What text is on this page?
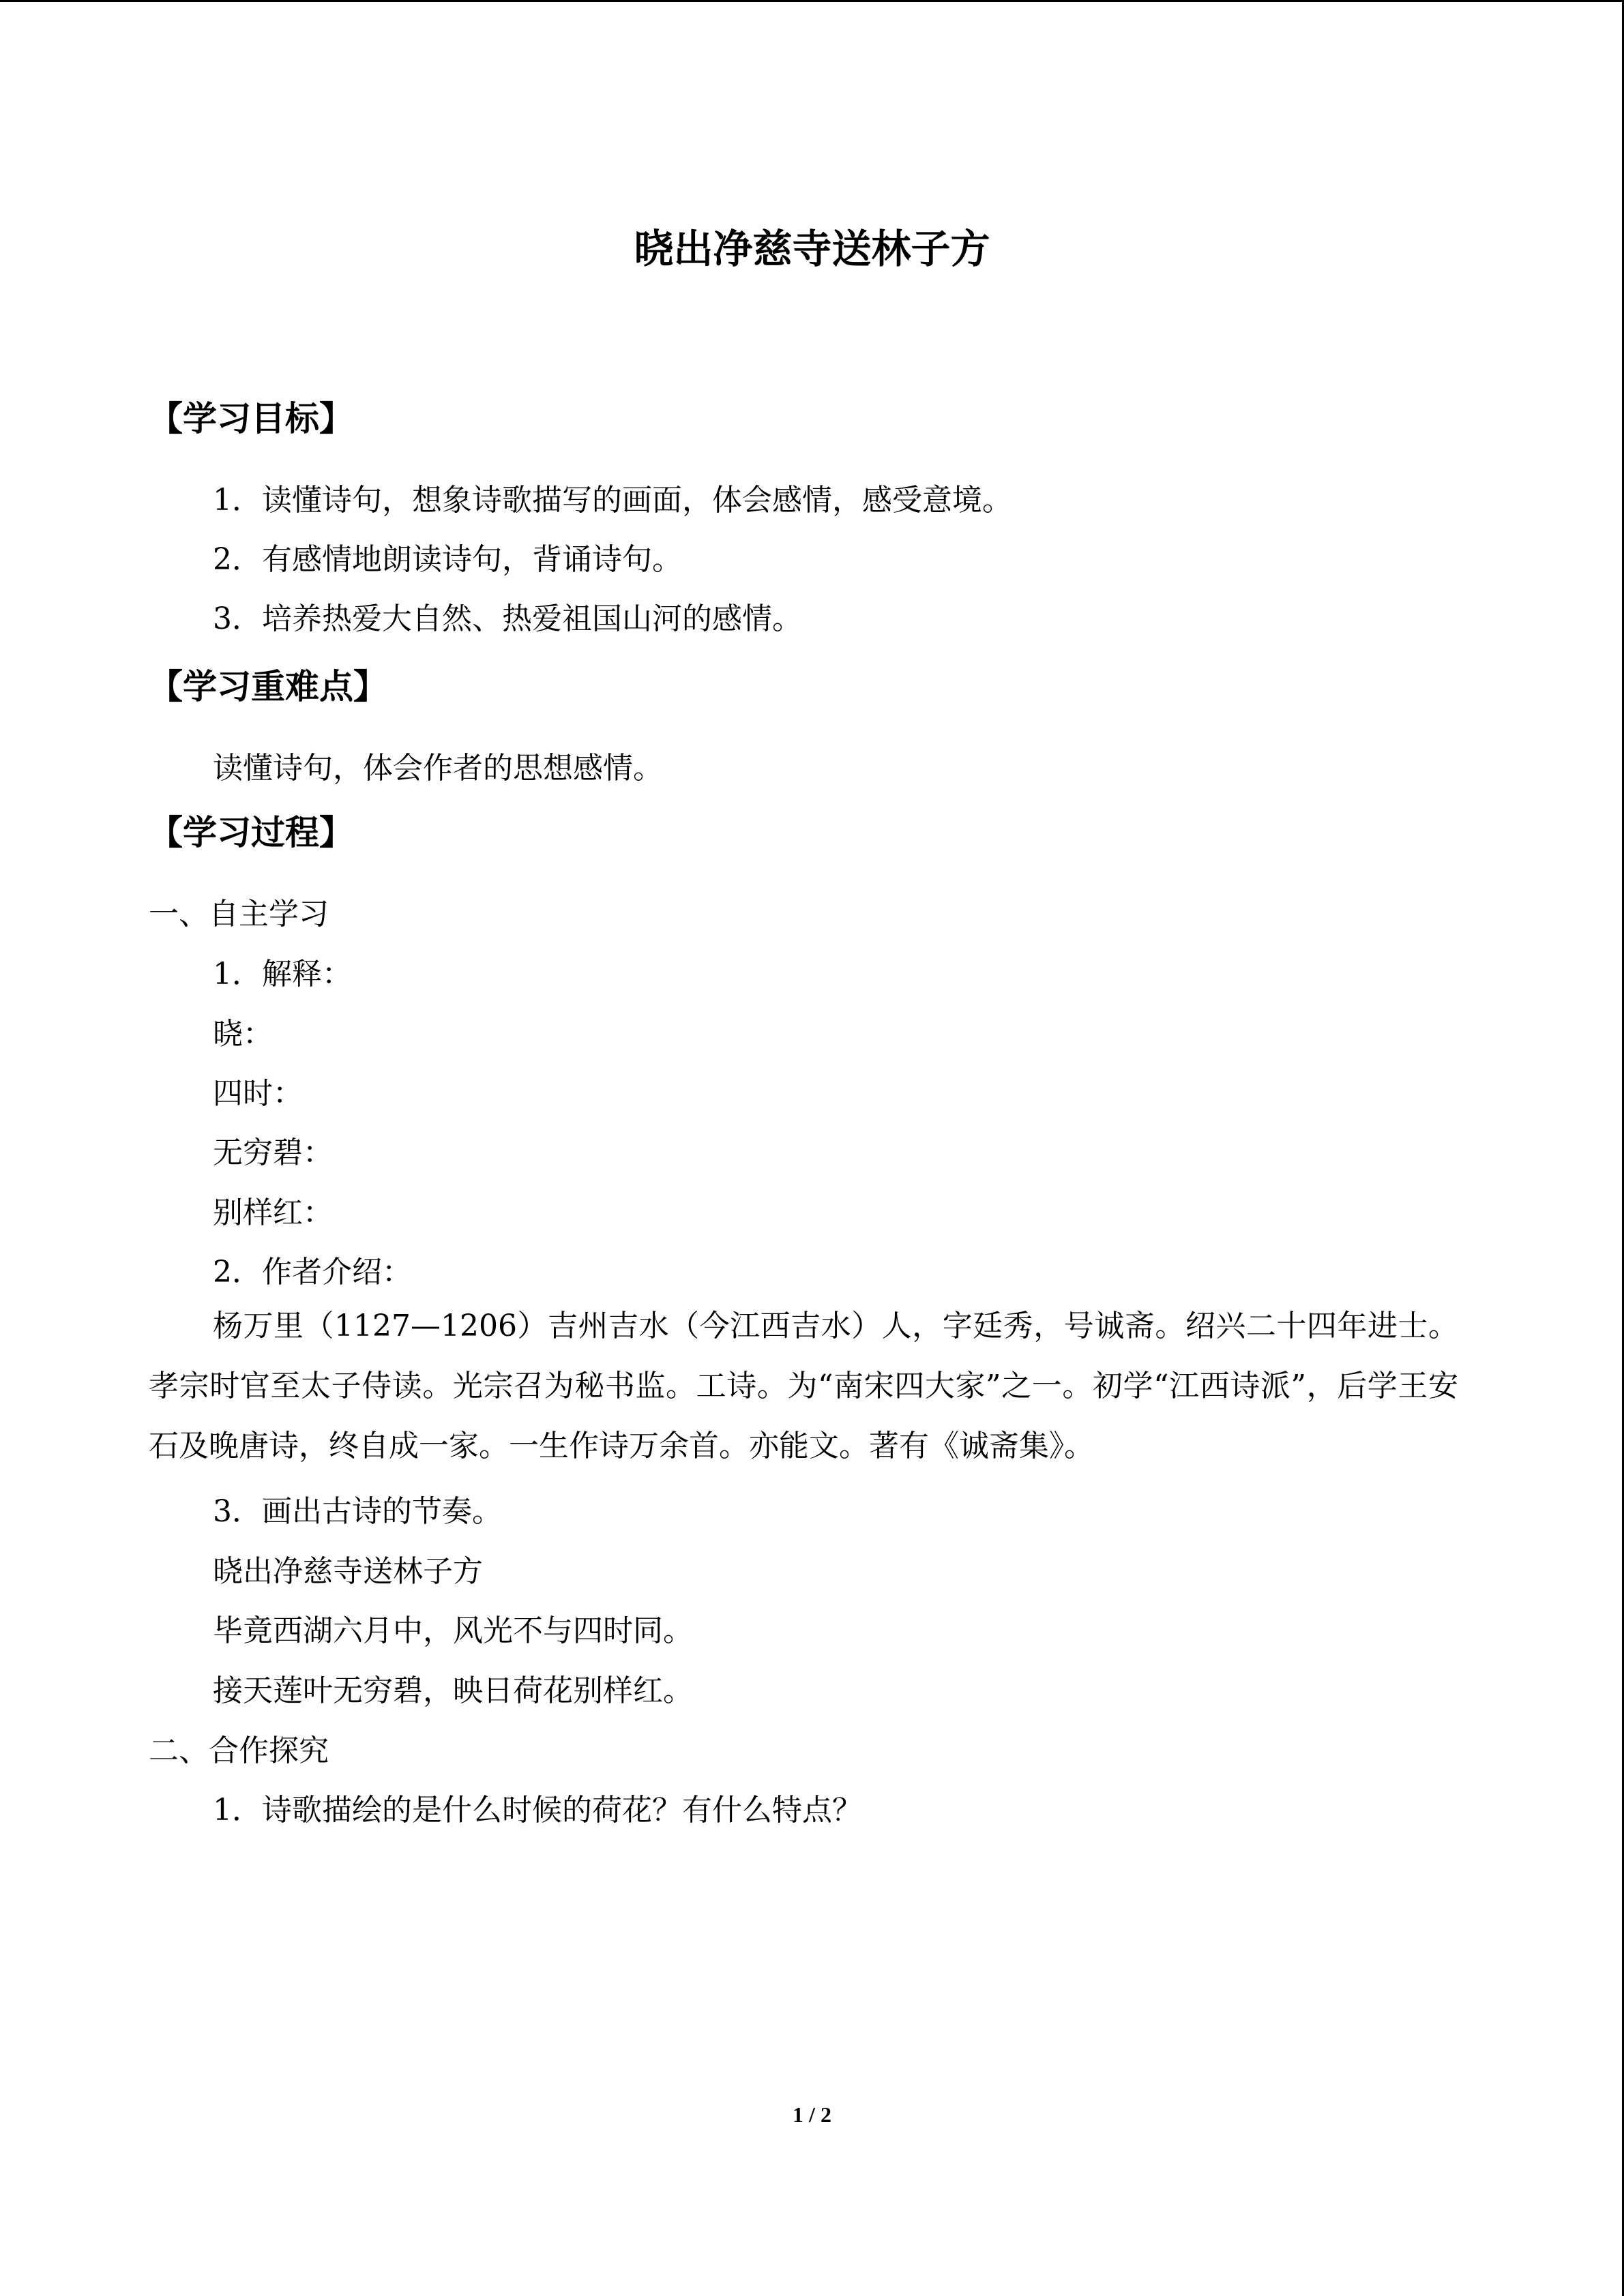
晓出净慈寺送林子方
【学习目标】
1．读懂诗句，想象诗歌描写的画面，体会感情，感受意境。
2．有感情地朗读诗句，背诵诗句。
3．培养热爱大自然、热爱祖国山河的感情。
【学习重难点】
读懂诗句，体会作者的思想感情。
【学习过程】
一、自主学习
1．解释：
晓：
四时：
无穷碧：
别样红：
2．作者介绍：
杨万里（1127—1206）吉州吉水（今江西吉水）人，字廷秀，号诚斋。绍兴二十四年进士。孝宗时官至太子侍读。光宗召为秘书监。工诗。为“南宋四大家”之一。初学“江西诗派”，后学王安石及晚唐诗，终自成一家。一生作诗万余首。亦能文。著有《诚斋集》。
3．画出古诗的节奏。
晓出净慈寺送林子方
毕竟西湖六月中，风光不与四时同。
接天莲叶无穷碧，映日荷花别样红。
二、合作探究
1．诗歌描绘的是什么时候的荷花？有什么特点？
1 / 2
